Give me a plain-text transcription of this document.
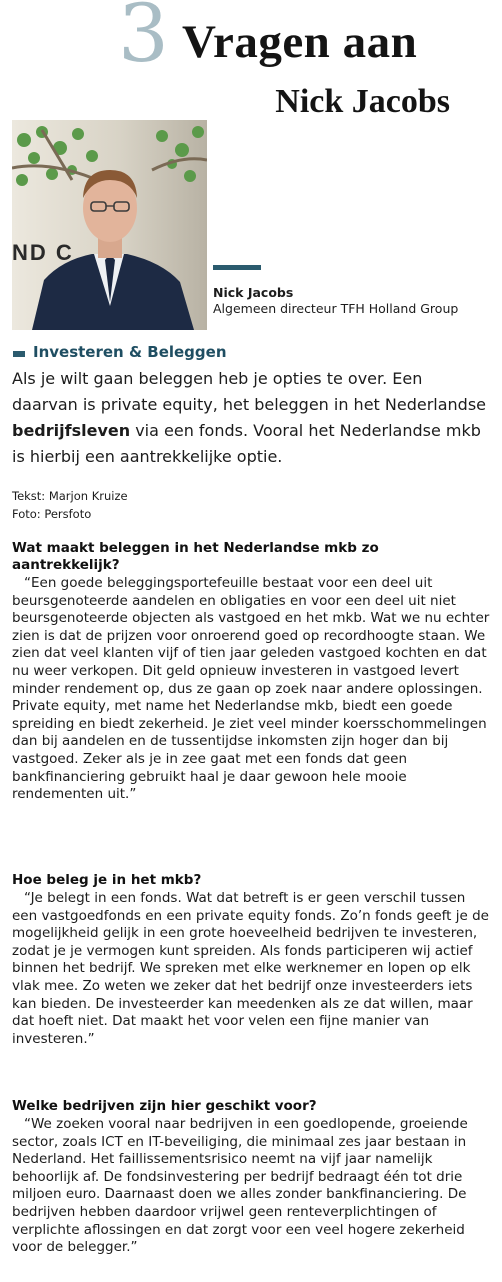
3 Vragen aan
Nick Jacobs
ND C
Nick Jacobs
Algemeen directeur TFH Holland Group
Investeren & Beleggen

Als je wilt gaan beleggen heb je opties te over. Een daarvan is private equity, het beleggen in het Nederlandse bedrijfsleven via een fonds. Vooral het Nederlandse mkb is hierbij een aantrekkelijke optie.

Tekst: Marjon Kruize
Foto: Persfoto

Wat maakt beleggen in het Nederlandse mkb zo aantrekkelijk?

“Een goede beleggingsportefeuille bestaat voor een deel uit beursgenoteerde aandelen en obligaties en voor een deel uit niet beursgenoteerde objecten als vastgoed en het mkb. Wat we nu echter zien is dat de prijzen voor onroerend goed op recordhoogte staan. We zien dat veel klanten vijf of tien jaar geleden vastgoed kochten en dat nu weer verkopen. Dit geld opnieuw investeren in vastgoed levert minder rendement op, dus ze gaan op zoek naar andere oplossingen. Private equity, met name het Nederlandse mkb, biedt een goede spreiding en biedt zekerheid. Je ziet veel minder koersschommelingen dan bij aandelen en de tussentijdse inkomsten zijn hoger dan bij vastgoed. Zeker als je in zee gaat met een fonds dat geen bankfinanciering gebruikt haal je daar gewoon hele mooie rendementen uit.”

Hoe beleg je in het mkb?

“Je belegt in een fonds. Wat dat betreft is er geen verschil tussen een vastgoedfonds en een private equity fonds. Zo’n fonds geeft je de mogelijkheid gelijk in een grote hoeveelheid bedrijven te investeren, zodat je je vermogen kunt spreiden. Als fonds participeren wij actief binnen het bedrijf. We spreken met elke werknemer en lopen op elk vlak mee. Zo weten we zeker dat het bedrijf onze investeerders iets kan bieden. De investeerder kan meedenken als ze dat willen, maar dat hoeft niet. Dat maakt het voor velen een fijne manier van investeren.”

Welke bedrijven zijn hier geschikt voor?

“We zoeken vooral naar bedrijven in een goedlopende, groeiende sector, zoals ICT en IT-beveiliging, die minimaal zes jaar bestaan in Nederland. Het faillissementsrisico neemt na vijf jaar namelijk behoorlijk af. De fondsinvestering per bedrijf bedraagt één tot drie miljoen euro. Daarnaast doen we alles zonder bankfinanciering. De bedrijven hebben daardoor vrijwel geen renteverplichtingen of verplichte aflossingen en dat zorgt voor een veel hogere zekerheid voor de belegger.”
